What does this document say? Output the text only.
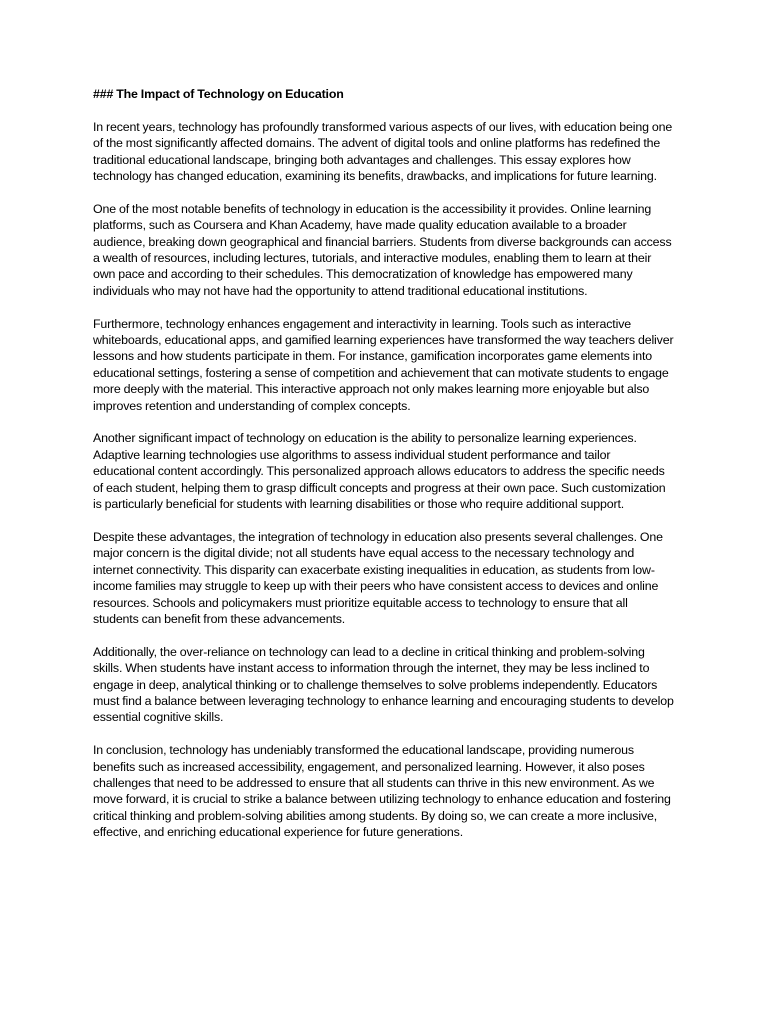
### The Impact of Technology on Education

In recent years, technology has profoundly transformed various aspects of our lives, with education being one of the most significantly affected domains. The advent of digital tools and online platforms has redefined the traditional educational landscape, bringing both advantages and challenges. This essay explores how technology has changed education, examining its benefits, drawbacks, and implications for future learning.

One of the most notable benefits of technology in education is the accessibility it provides. Online learning platforms, such as Coursera and Khan Academy, have made quality education available to a broader audience, breaking down geographical and financial barriers. Students from diverse backgrounds can access a wealth of resources, including lectures, tutorials, and interactive modules, enabling them to learn at their own pace and according to their schedules. This democratization of knowledge has empowered many individuals who may not have had the opportunity to attend traditional educational institutions.

Furthermore, technology enhances engagement and interactivity in learning. Tools such as interactive whiteboards, educational apps, and gamified learning experiences have transformed the way teachers deliver lessons and how students participate in them. For instance, gamification incorporates game elements into educational settings, fostering a sense of competition and achievement that can motivate students to engage more deeply with the material. This interactive approach not only makes learning more enjoyable but also improves retention and understanding of complex concepts.

Another significant impact of technology on education is the ability to personalize learning experiences. Adaptive learning technologies use algorithms to assess individual student performance and tailor educational content accordingly. This personalized approach allows educators to address the specific needs of each student, helping them to grasp difficult concepts and progress at their own pace. Such customization is particularly beneficial for students with learning disabilities or those who require additional support.

Despite these advantages, the integration of technology in education also presents several challenges. One major concern is the digital divide; not all students have equal access to the necessary technology and internet connectivity. This disparity can exacerbate existing inequalities in education, as students from low-income families may struggle to keep up with their peers who have consistent access to devices and online resources. Schools and policymakers must prioritize equitable access to technology to ensure that all students can benefit from these advancements.

Additionally, the over-reliance on technology can lead to a decline in critical thinking and problem-solving skills. When students have instant access to information through the internet, they may be less inclined to engage in deep, analytical thinking or to challenge themselves to solve problems independently. Educators must find a balance between leveraging technology to enhance learning and encouraging students to develop essential cognitive skills.

In conclusion, technology has undeniably transformed the educational landscape, providing numerous benefits such as increased accessibility, engagement, and personalized learning. However, it also poses challenges that need to be addressed to ensure that all students can thrive in this new environment. As we move forward, it is crucial to strike a balance between utilizing technology to enhance education and fostering critical thinking and problem-solving abilities among students. By doing so, we can create a more inclusive, effective, and enriching educational experience for future generations.
